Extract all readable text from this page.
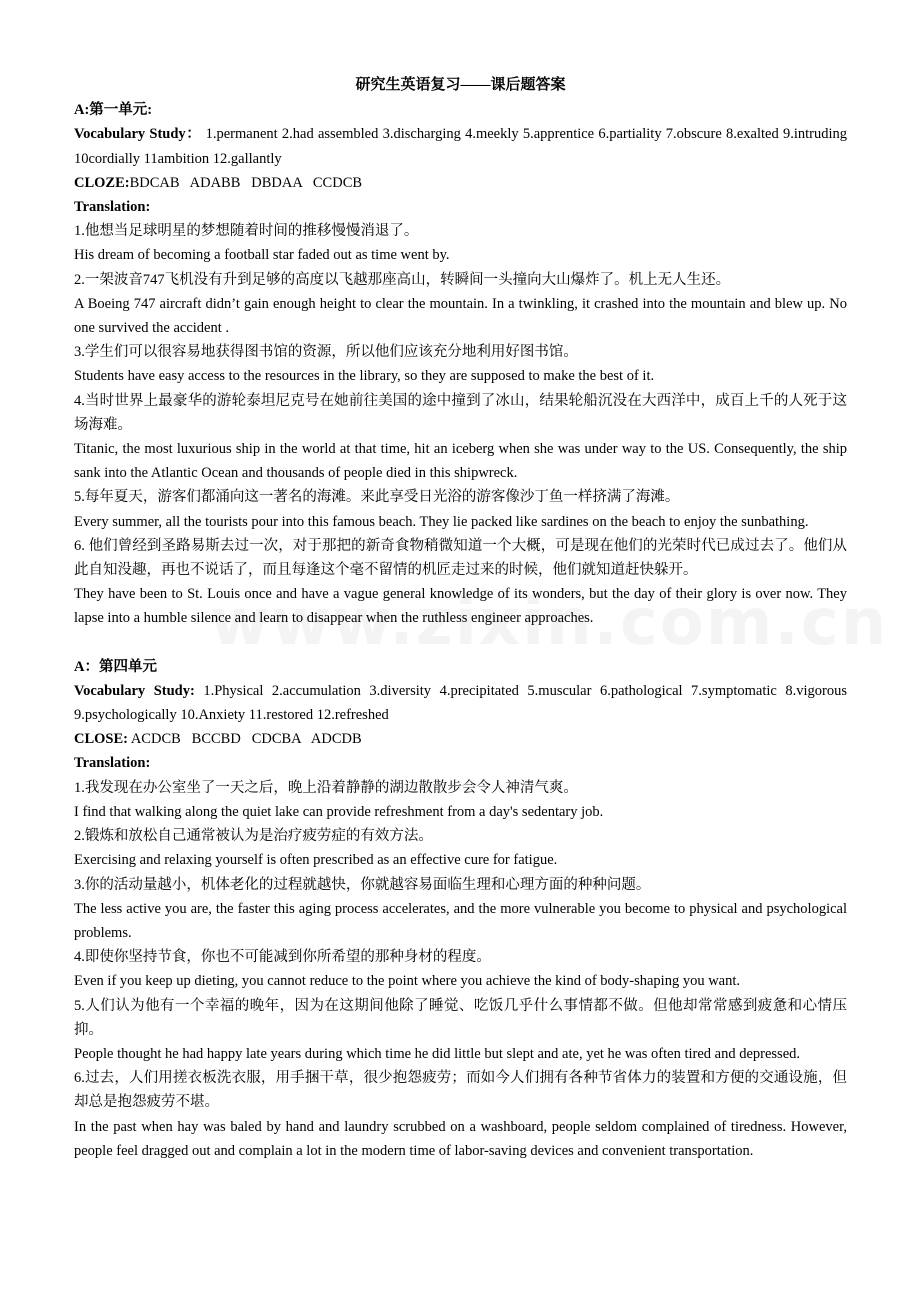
研究生英语复习——课后题答案

A:第一单元:

Vocabulary Study： 1.permanent 2.had assembled 3.discharging 4.meekly 5.apprentice 6.partiality 7.obscure 8.exalted 9.intruding 10cordially 11ambition 12.gallantly

CLOZE:BDCAB   ADABB   DBDAA   CCDCB

Translation:

1.他想当足球明星的梦想随着时间的推移慢慢消退了。

His dream of becoming a football star faded out as time went by.

2.一架波音747飞机没有升到足够的高度以飞越那座高山，转瞬间一头撞向大山爆炸了。机上无人生还。

A Boeing 747 aircraft didn’t gain enough height to clear the mountain. In a twinkling, it crashed into the mountain and blew up. No one survived the accident .

3.学生们可以很容易地获得图书馆的资源，所以他们应该充分地利用好图书馆。

Students have easy access to the resources in the library, so they are supposed to make the best of it.

4.当时世界上最豪华的游轮泰坦尼克号在她前往美国的途中撞到了冰山，结果轮船沉没在大西洋中，成百上千的人死于这场海难。

Titanic, the most luxurious ship in the world at that time, hit an iceberg when she was under way to the US. Consequently, the ship sank into the Atlantic Ocean and thousands of people died in this shipwreck.

5.每年夏天，游客们都涌向这一著名的海滩。来此享受日光浴的游客像沙丁鱼一样挤满了海滩。

Every summer, all the tourists pour into this famous beach. They lie packed like sardines on the beach to enjoy the sunbathing.

6. 他们曾经到圣路易斯去过一次，对于那把的新奇食物稍微知道一个大概，可是现在他们的光荣时代已成过去了。他们从此自知没趣，再也不说话了，而且每逢这个毫不留情的机匠走过来的时候，他们就知道赶快躲开。

They have been to St. Louis once and have a vague general knowledge of its wonders, but the day of their glory is over now. They lapse into a humble silence and learn to disappear when the ruthless engineer approaches.

A：第四单元

Vocabulary Study: 1.Physical 2.accumulation 3.diversity 4.precipitated 5.muscular 6.pathological 7.symptomatic 8.vigorous 9.psychologically 10.Anxiety 11.restored 12.refreshed

CLOSE: ACDCB   BCCBD   CDCBA   ADCDB

Translation:

1.我发现在办公室坐了一天之后，晚上沿着静静的湖边散散步会令人神清气爽。

I find that walking along the quiet lake can provide refreshment from a day's sedentary job.

2.锻炼和放松自己通常被认为是治疗疲劳症的有效方法。

Exercising and relaxing yourself is often prescribed as an effective cure for fatigue.

3.你的活动量越小，机体老化的过程就越快，你就越容易面临生理和心理方面的种种问题。

The less active you are, the faster this aging process accelerates, and the more vulnerable you become to physical and psychological problems.

4.即使你坚持节食，你也不可能减到你所希望的那种身材的程度。

Even if you keep up dieting, you cannot reduce to the point where you achieve the kind of body-shaping you want.

5.人们认为他有一个幸福的晚年，因为在这期间他除了睡觉、吃饭几乎什么事情都不做。但他却常常感到疲惫和心情压抑。

People thought he had happy late years during which time he did little but slept and ate, yet he was often tired and depressed.

6.过去，人们用搓衣板洗衣服，用手捆干草，很少抱怨疲劳；而如今人们拥有各种节省体力的装置和方便的交通设施，但却总是抱怨疲劳不堪。

In the past when hay was baled by hand and laundry scrubbed on a washboard, people seldom complained of tiredness. However, people feel dragged out and complain a lot in the modern time of labor-saving devices and convenient transportation.
